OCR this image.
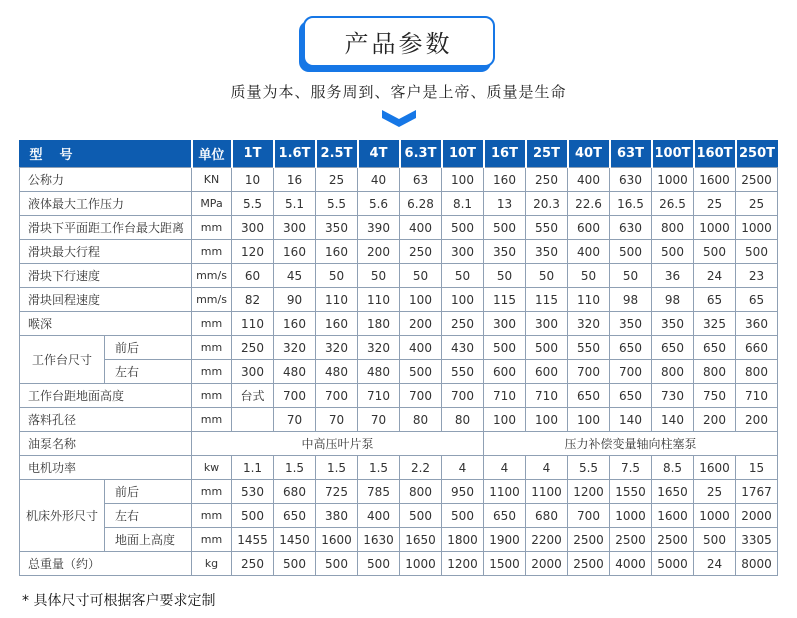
产品参数
质量为本、服务周到、客户是上帝、质量是生命
型　号		单位	1T	1.6T	2.5T	4T	6.3T	10T	16T	25T	40T	63T	100T	160T	250T
公称力		KN	10	16	25	40	63	100	160	250	400	630	1000	1600	2500
液体最大工作压力		MPa	5.5	5.1	5.5	5.6	6.28	8.1	13	20.3	22.6	16.5	26.5	25	25
滑块下平面距工作台最大距离		mm	300	300	350	390	400	500	500	550	600	630	800	1000	1000
滑块最大行程		mm	120	160	160	200	250	300	350	350	400	500	500	500	500
滑块下行速度		mm/s	60	45	50	50	50	50	50	50	50	50	36	24	23
滑块回程速度		mm/s	82	90	110	110	100	100	115	115	110	98	98	65	65
喉深		mm	110	160	160	180	200	250	300	300	320	350	350	325	360
工作台尺寸	前后	mm	250	320	320	320	400	430	500	500	550	650	650	650	660
	左右	mm	300	480	480	480	500	550	600	600	700	700	800	800	800
工作台距地面高度		mm	台式	700	700	710	700	700	710	710	650	650	730	750	710
落料孔径		mm		70	70	70	80	80	100	100	100	140	140	200	200
油泵名称		中高压叶片泵							压力补偿变量轴向柱塞泵						
电机功率		kw	1.1	1.5	1.5	1.5	2.2	4	4	4	5.5	7.5	8.5	1600	15
机床外形尺寸	前后	mm	530	680	725	785	800	950	1100	1100	1200	1550	1650	25	1767
	左右	mm	500	650	380	400	500	500	650	680	700	1000	1600	1000	2000
	地面上高度	mm	1455	1450	1600	1630	1650	1800	1900	2200	2500	2500	2500	500	3305
总重量（约）		kg	250	500	500	500	1000	1200	1500	2000	2500	4000	5000	24	8000
* 具体尺寸可根据客户要求定制
